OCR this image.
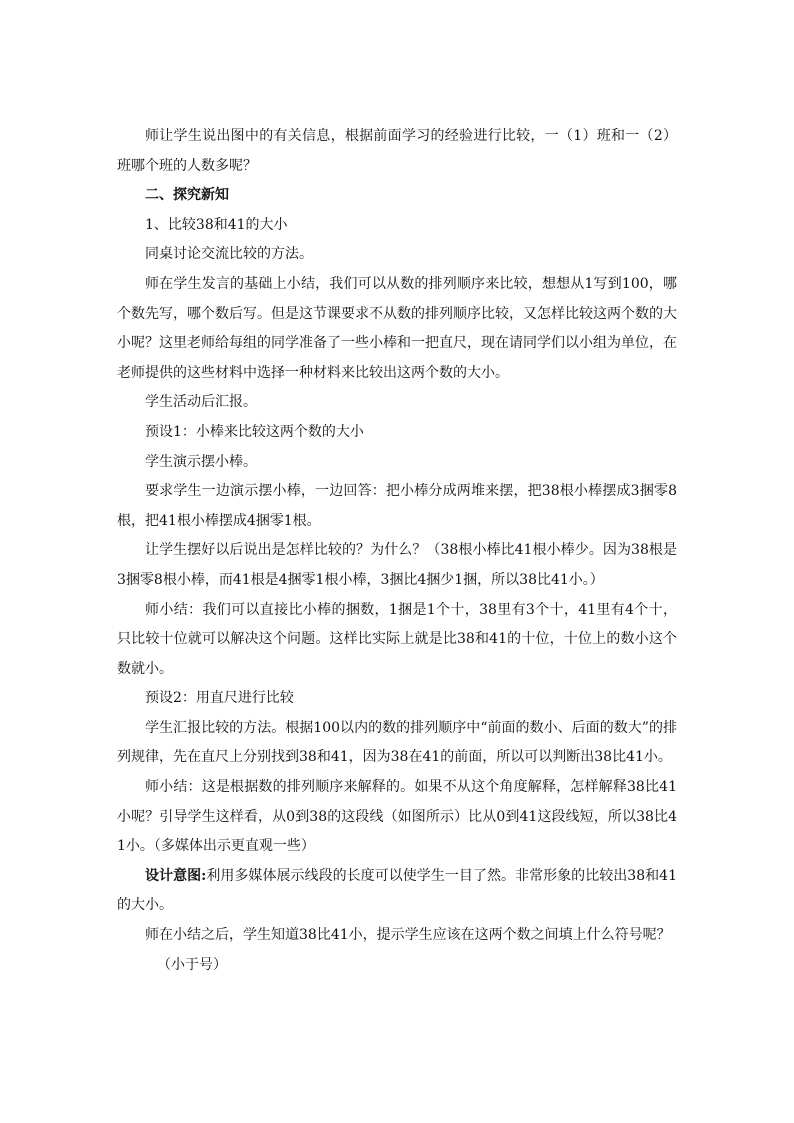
师让学生说出图中的有关信息，根据前面学习的经验进行比较，一（1）班和一（2）班哪个班的人数多呢？

二、探究新知

1、比较38和41的大小

同桌讨论交流比较的方法。

师在学生发言的基础上小结，我们可以从数的排列顺序来比较，想想从1写到100，哪个数先写，哪个数后写。但是这节课要求不从数的排列顺序比较，又怎样比较这两个数的大小呢？这里老师给每组的同学准备了一些小棒和一把直尺，现在请同学们以小组为单位，在老师提供的这些材料中选择一种材料来比较出这两个数的大小。

学生活动后汇报。

预设1：小棒来比较这两个数的大小

学生演示摆小棒。

要求学生一边演示摆小棒，一边回答：把小棒分成两堆来摆，把38根小棒摆成3捆零8根，把41根小棒摆成4捆零1根。

让学生摆好以后说出是怎样比较的？为什么？（38根小棒比41根小棒少。因为38根是3捆零8根小棒，而41根是4捆零1根小棒，3捆比4捆少1捆，所以38比41小。）

师小结：我们可以直接比小棒的捆数，1捆是1个十，38里有3个十，41里有4个十，只比较十位就可以解决这个问题。这样比实际上就是比38和41的十位，十位上的数小这个数就小。

预设2：用直尺进行比较

学生汇报比较的方法。根据100以内的数的排列顺序中“前面的数小、后面的数大”的排列规律，先在直尺上分别找到38和41，因为38在41的前面，所以可以判断出38比41小。

师小结：这是根据数的排列顺序来解释的。如果不从这个角度解释，怎样解释38比41小呢？引导学生这样看，从0到38的这段线（如图所示）比从0到41这段线短，所以38比41小。（多媒体出示更直观一些）

设计意图:利用多媒体展示线段的长度可以使学生一目了然。非常形象的比较出38和41的大小。

师在小结之后，学生知道38比41小，提示学生应该在这两个数之间填上什么符号呢？

（小于号）
